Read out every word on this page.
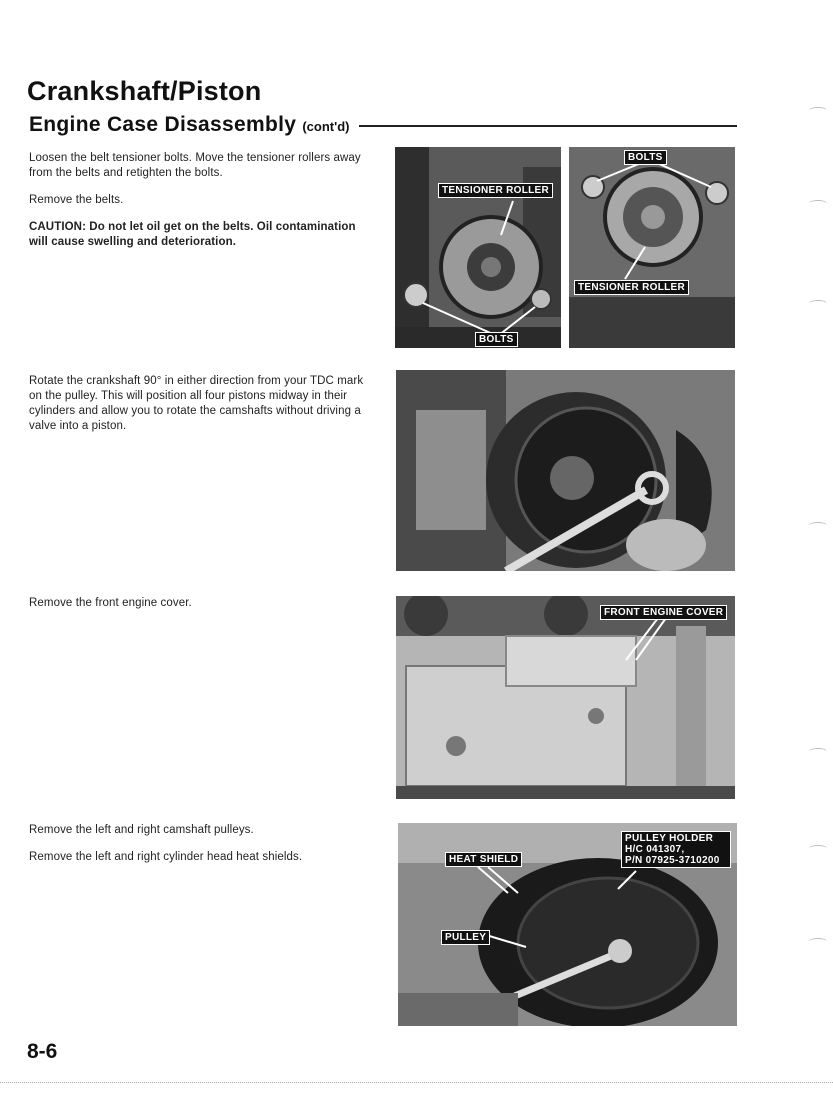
Crankshaft/Piston
Engine Case Disassembly (cont'd)

Loosen the belt tensioner bolts. Move the tensioner rollers away from the belts and retighten the bolts.

Remove the belts.

CAUTION: Do not let oil get on the belts. Oil contamination will cause swelling and deterioration.

TENSIONER ROLLER
BOLTS
BOLTS
TENSIONER ROLLER

Rotate the crankshaft 90° in either direction from your TDC mark on the pulley. This will position all four pistons midway in their cylinders and allow you to rotate the camshafts without driving a valve into a piston.

Remove the front engine cover.

FRONT ENGINE COVER

Remove the left and right camshaft pulleys.

Remove the left and right cylinder head heat shields.	HEAT SHIELD
PULLEY
PULLEY HOLDER
H/C 041307,
P/N 07925-3710200
8-6
